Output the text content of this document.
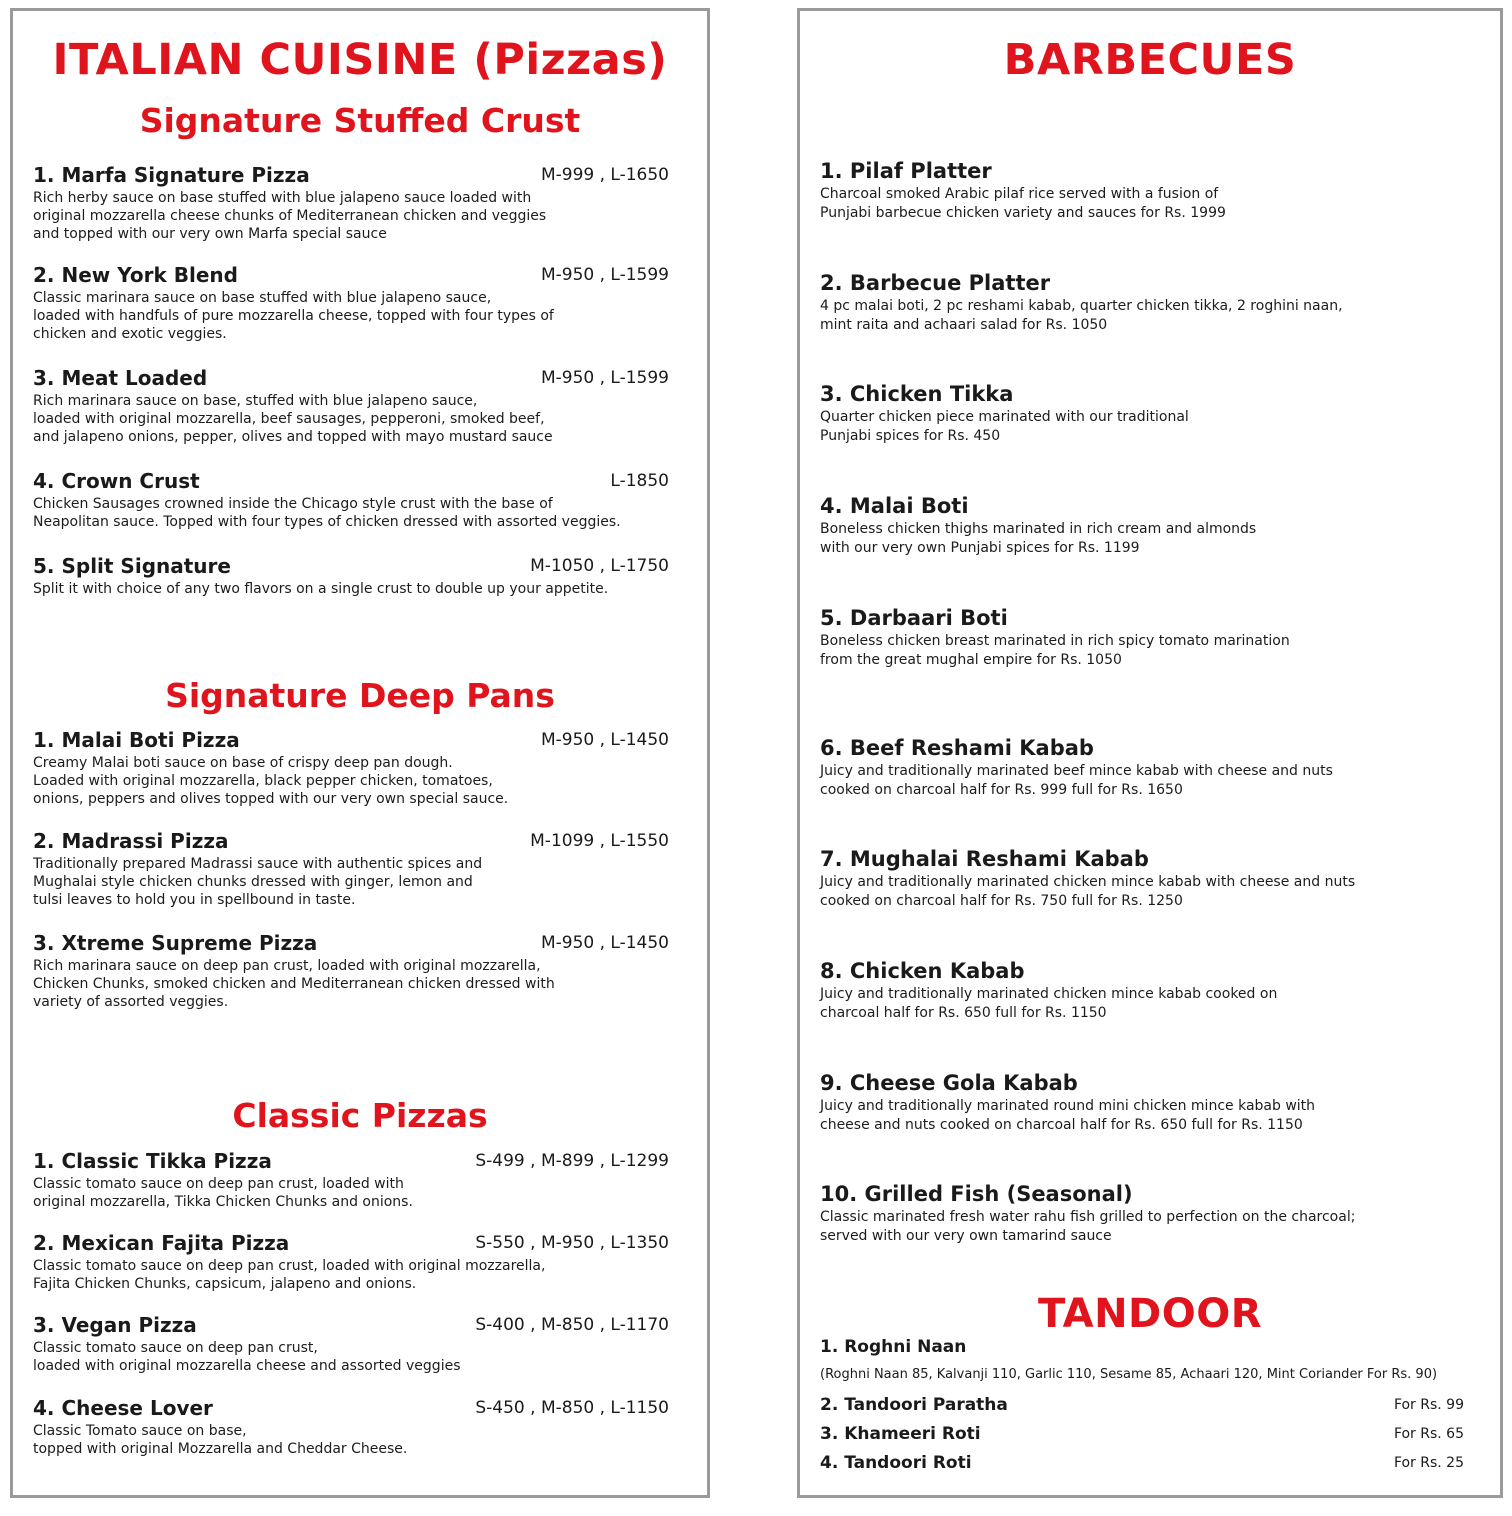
ITALIAN CUISINE (Pizzas)
Signature Stuffed Crust
1. Marfa Signature Pizza	M-999 , L-1650
Rich herby sauce on base stuffed with blue jalapeno sauce loaded with
original mozzarella cheese chunks of Mediterranean chicken and veggies
and topped with our very own Marfa special sauce
2. New York Blend	M-950 , L-1599
Classic marinara sauce on base stuffed with blue jalapeno sauce,
loaded with handfuls of pure mozzarella cheese, topped with four types of
chicken and exotic veggies.
3. Meat Loaded	M-950 , L-1599
Rich marinara sauce on base, stuffed with blue jalapeno sauce,
loaded with original mozzarella, beef sausages, pepperoni, smoked beef,
and jalapeno onions, pepper, olives and topped with mayo mustard sauce
4. Crown Crust	L-1850
Chicken Sausages crowned inside the Chicago style crust with the base of
Neapolitan sauce. Topped with four types of chicken dressed with assorted veggies.
5. Split Signature	M-1050 , L-1750
Split it with choice of any two flavors on a single crust to double up your appetite.
Signature Deep Pans
1. Malai Boti Pizza	M-950 , L-1450
Creamy Malai boti sauce on base of crispy deep pan dough.
Loaded with original mozzarella, black pepper chicken, tomatoes,
onions, peppers and olives topped with our very own special sauce.
2. Madrassi Pizza	M-1099 , L-1550
Traditionally prepared Madrassi sauce with authentic spices and
Mughalai style chicken chunks dressed with ginger, lemon and
tulsi leaves to hold you in spellbound in taste.
3. Xtreme Supreme Pizza	M-950 , L-1450
Rich marinara sauce on deep pan crust, loaded with original mozzarella,
Chicken Chunks, smoked chicken and Mediterranean chicken dressed with
variety of assorted veggies.
Classic Pizzas
1. Classic Tikka Pizza	S-499 , M-899 , L-1299
Classic tomato sauce on deep pan crust, loaded with
original mozzarella, Tikka Chicken Chunks and onions.
2. Mexican Fajita Pizza	S-550 , M-950 , L-1350
Classic tomato sauce on deep pan crust, loaded with original mozzarella,
Fajita Chicken Chunks, capsicum, jalapeno and onions.
3. Vegan Pizza	S-400 , M-850 , L-1170
Classic tomato sauce on deep pan crust,
loaded with original mozzarella cheese and assorted veggies
4. Cheese Lover	S-450 , M-850 , L-1150
Classic Tomato sauce on base,
topped with original Mozzarella and Cheddar Cheese.
BARBECUES
1. Pilaf Platter
Charcoal smoked Arabic pilaf rice served with a fusion of
Punjabi barbecue chicken variety and sauces for Rs. 1999
2. Barbecue Platter
4 pc malai boti, 2 pc reshami kabab, quarter chicken tikka, 2 roghini naan,
mint raita and achaari salad for Rs. 1050
3. Chicken Tikka
Quarter chicken piece marinated with our traditional
Punjabi spices for Rs. 450
4. Malai Boti
Boneless chicken thighs marinated in rich cream and almonds
with our very own Punjabi spices for Rs. 1199
5. Darbaari Boti
Boneless chicken breast marinated in rich spicy tomato marination
from the great mughal empire for Rs. 1050
6. Beef Reshami Kabab
Juicy and traditionally marinated beef mince kabab with cheese and nuts
cooked on charcoal half for Rs. 999 full for Rs. 1650
7. Mughalai Reshami Kabab
Juicy and traditionally marinated chicken mince kabab with cheese and nuts
cooked on charcoal half for Rs. 750 full for Rs. 1250
8. Chicken Kabab
Juicy and traditionally marinated chicken mince kabab cooked on
charcoal half for Rs. 650 full for Rs. 1150
9. Cheese Gola Kabab
Juicy and traditionally marinated round mini chicken mince kabab with
cheese and nuts cooked on charcoal half for Rs. 650 full for Rs. 1150
10. Grilled Fish (Seasonal)
Classic marinated fresh water rahu fish grilled to perfection on the charcoal;
served with our very own tamarind sauce
TANDOOR
1. Roghni Naan
(Roghni Naan 85, Kalvanji 110, Garlic 110, Sesame 85, Achaari 120, Mint Coriander For Rs. 90)
2. Tandoori Paratha	For Rs. 99
3. Khameeri Roti	For Rs. 65
4. Tandoori Roti	For Rs. 25
